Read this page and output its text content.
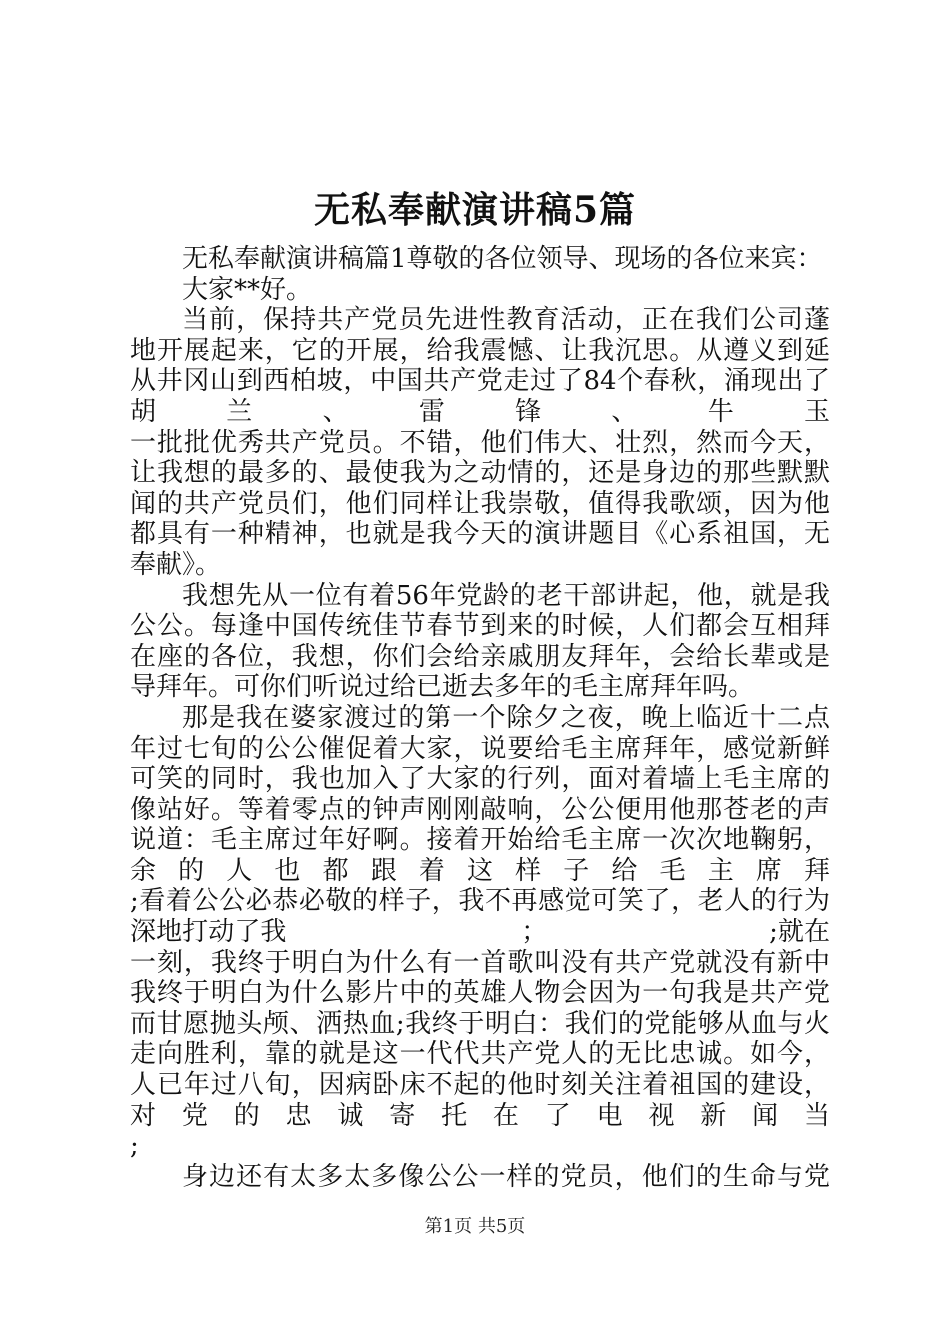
无私奉献演讲稿5篇
无私奉献演讲稿篇1尊敬的各位领导、现场的各位来宾：
大家**好。
当前，保持共产党员先进性教育活动，正在我们公司蓬
地开展起来，它的开展，给我震憾、让我沉思。从遵义到延
从井冈山到西柏坡，中国共产党走过了84个春秋，涌现出了
胡兰、雷锋、牛玉　　　　　　　　　　　　　　　　　　
一批批优秀共产党员。不错，他们伟大、壮烈，然而今天，
让我想的最多的、最使我为之动情的，还是身边的那些默默
闻的共产党员们，他们同样让我崇敬，值得我歌颂，因为他
都具有一种精神，也就是我今天的演讲题目《心系祖国，无
奉献》。
我想先从一位有着56年党龄的老干部讲起，他，就是我
公公。每逢中国传统佳节春节到来的时候，人们都会互相拜
在座的各位，我想，你们会给亲戚朋友拜年，会给长辈或是
导拜年。可你们听说过给已逝去多年的毛主席拜年吗。
那是我在婆家渡过的第一个除夕之夜，晚上临近十二点
年过七旬的公公催促着大家，说要给毛主席拜年，感觉新鲜
可笑的同时，我也加入了大家的行列，面对着墙上毛主席的
像站好。等着零点的钟声刚刚敲响，公公便用他那苍老的声
说道：毛主席过年好啊。接着开始给毛主席一次次地鞠躬，
余的人也都跟着这样子给毛主席拜　　　　　　　　　　　
;看着公公必恭必敬的样子，我不再感觉可笑了，老人的行为
深地打动了我　　　　　　　　　；　　　　　　　　　;就在
一刻，我终于明白为什么有一首歌叫没有共产党就没有新中
我终于明白为什么影片中的英雄人物会因为一句我是共产党
而甘愿抛头颅、洒热血;我终于明白：我们的党能够从血与火
走向胜利，靠的就是这一代代共产党人的无比忠诚。如今，
人已年过八旬，因病卧床不起的他时刻关注着祖国的建设，
对党的忠诚寄托在了电视新闻当　　　　　　　　　　　　
;
身边还有太多太多像公公一样的党员，他们的生命与党
第1页 共5页
